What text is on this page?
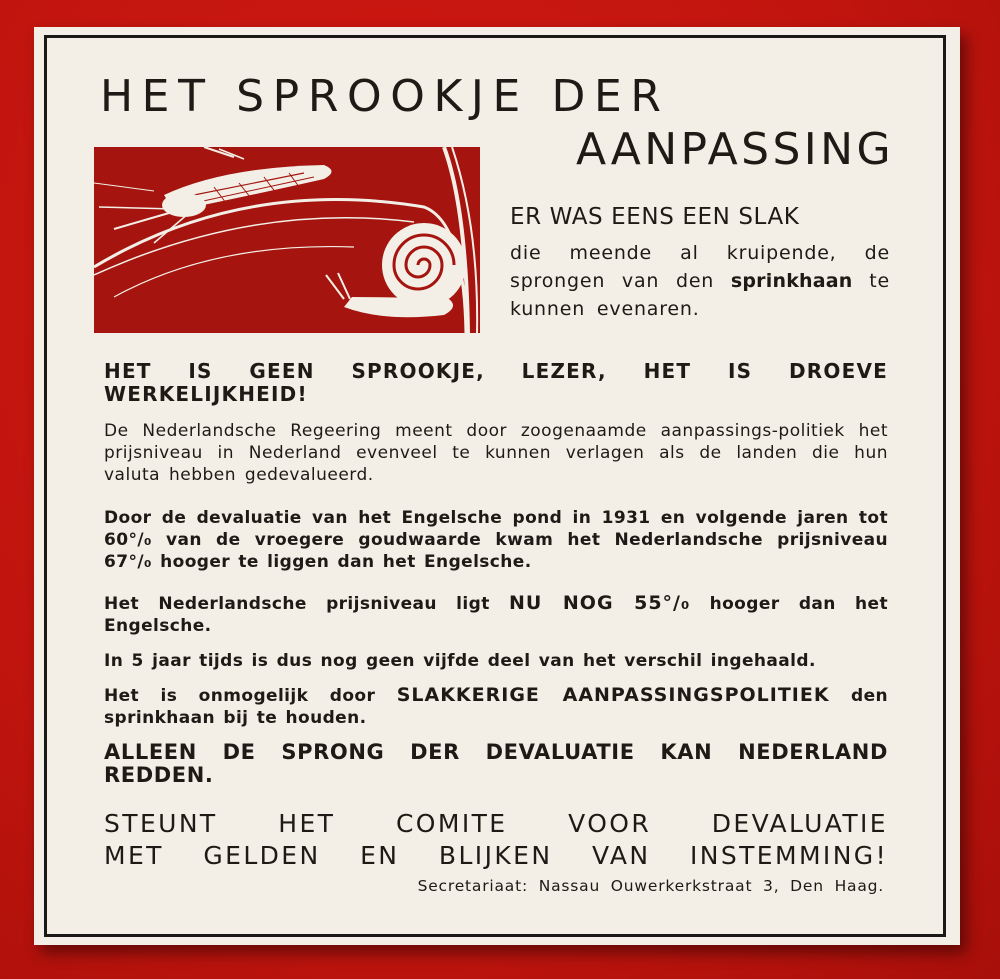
HET SPROOKJE DER
AANPASSING
ER WAS EENS EEN SLAK

die meende al kruipende, de sprongen van den sprinkhaan te kunnen evenaren.

HET IS GEEN SPROOKJE, LEZER, HET IS DROEVE WERKELIJKHEID!

De Nederlandsche Regeering meent door zoogenaamde aanpassings-politiek het prijsniveau in Nederland evenveel te kunnen verlagen als de landen die hun valuta hebben gedevalueerd.

Door de devaluatie van het Engelsche pond in 1931 en volgende jaren tot 60°/₀ van de vroegere goudwaarde kwam het Nederlandsche prijsniveau 67°/₀ hooger te liggen dan het Engelsche.

Het Nederlandsche prijsniveau ligt NU NOG 55°/₀ hooger dan het Engelsche.

In 5 jaar tijds is dus nog geen vijfde deel van het verschil ingehaald.

Het is onmogelijk door SLAKKERIGE AANPASSINGSPOLITIEK den sprinkhaan bij te houden.

ALLEEN DE SPRONG DER DEVALUATIE KAN NEDERLAND REDDEN.

STEUNT HET COMITE VOOR DEVALUATIE
MET GELDEN EN BLIJKEN VAN INSTEMMING!
Secretariaat: Nassau Ouwerkerkstraat 3, Den Haag.
